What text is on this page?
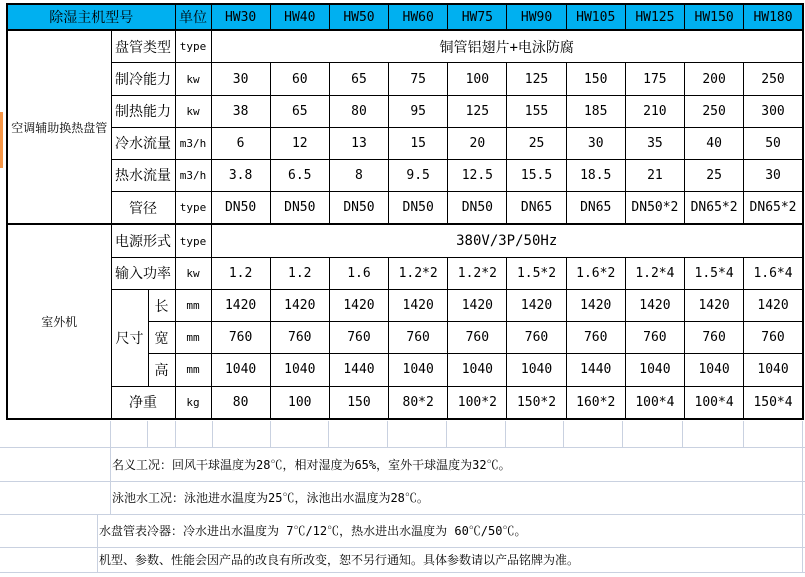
除湿主机型号			单位	HW30	HW40	HW50	HW60	HW75	HW90	HW105	HW125	HW150	HW180
空调辅助换热盘管	盘管类型		type	铜管铝翅片+电泳防腐									
	制冷能力		kw	30	60	65	75	100	125	150	175	200	250
	制热能力		kw	38	65	80	95	125	155	185	210	250	300
	冷水流量		m3/h	6	12	13	15	20	25	30	35	40	50
	热水流量		m3/h	3.8	6.5	8	9.5	12.5	15.5	18.5	21	25	30
	管径		type	DN50	DN50	DN50	DN50	DN50	DN65	DN65	DN50*2	DN65*2	DN65*2
室外机	电源形式		type	380V/3P/50Hz									
	输入功率		kw	1.2	1.2	1.6	1.2*2	1.2*2	1.5*2	1.6*2	1.2*4	1.5*4	1.6*4
	尺寸	长	mm	1420	1420	1420	1420	1420	1420	1420	1420	1420	1420
		宽	mm	760	760	760	760	760	760	760	760	760	760
		高	mm	1040	1040	1440	1040	1040	1040	1440	1040	1040	1040
	净重		kg	80	100	150	80*2	100*2	150*2	160*2	100*4	100*4	150*4
名义工况：回风干球温度为28℃，相对湿度为65%，室外干球温度为32℃。
泳池水工况：泳池进水温度为25℃，泳池出水温度为28℃。
水盘管表冷器：冷水进出水温度为 7℃/12℃，热水进出水温度为 60℃/50℃。
机型、参数、性能会因产品的改良有所改变，恕不另行通知。具体参数请以产品铭牌为准。
